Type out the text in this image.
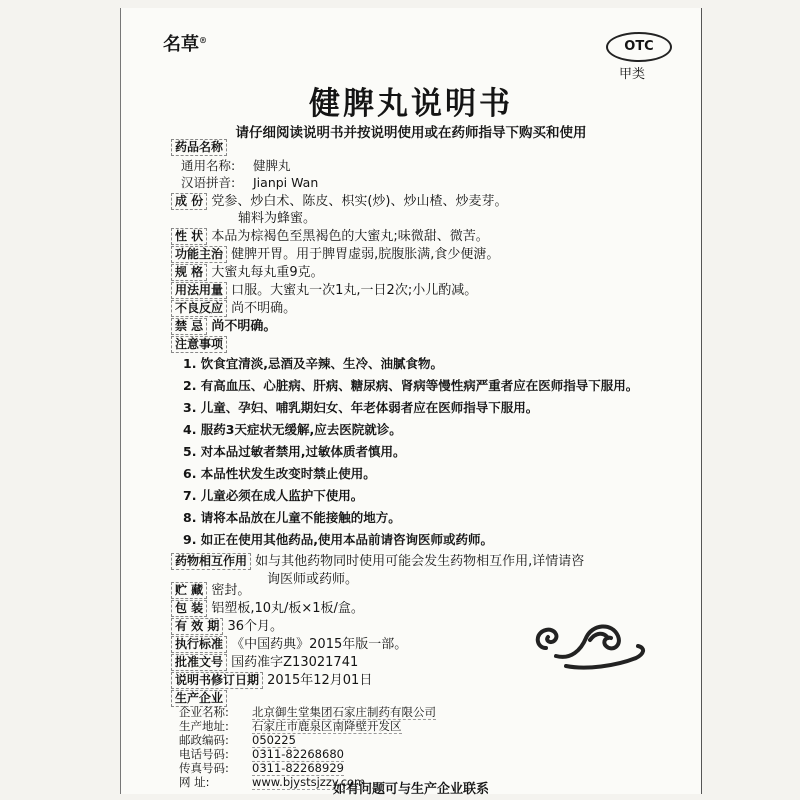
名草®	OTC
甲类
健脾丸说明书
请仔细阅读说明书并按说明使用或在药师指导下购买和使用
药品名称
通用名称: 健脾丸
汉语拼音: Jianpi Wan
成 份 党参、炒白术、陈皮、枳实(炒)、炒山楂、炒麦芽。
辅料为蜂蜜。
性 状 本品为棕褐色至黑褐色的大蜜丸;味微甜、微苦。
功能主治 健脾开胃。用于脾胃虚弱,脘腹胀满,食少便溏。
规 格 大蜜丸每丸重9克。
用法用量 口服。大蜜丸一次1丸,一日2次;小儿酌减。
不良反应 尚不明确。
禁 忌 尚不明确。
注意事项
1. 饮食宜清淡,忌酒及辛辣、生冷、油腻食物。
2. 有高血压、心脏病、肝病、糖尿病、肾病等慢性病严重者应在医师指导下服用。
3. 儿童、孕妇、哺乳期妇女、年老体弱者应在医师指导下服用。
4. 服药3天症状无缓解,应去医院就诊。
5. 对本品过敏者禁用,过敏体质者慎用。
6. 本品性状发生改变时禁止使用。
7. 儿童必须在成人监护下使用。
8. 请将本品放在儿童不能接触的地方。
9. 如正在使用其他药品,使用本品前请咨询医师或药师。
药物相互作用 如与其他药物同时使用可能会发生药物相互作用,详情请咨
询医师或药师。
贮 藏 密封。
包 装 铝塑板,10丸/板×1板/盒。
有 效 期 36个月。
执行标准 《中国药典》2015年版一部。
批准文号 国药准字Z13021741
说明书修订日期 2015年12月01日
生产企业
企业名称: 北京御生堂集团石家庄制药有限公司
生产地址: 石家庄市鹿泉区南降壁开发区
邮政编码: 050225
如有问题可与生产企业联系
电话号码: 0311-82268680
传真号码: 0311-82268929
网 址:	www.bjystsjzzy.com
